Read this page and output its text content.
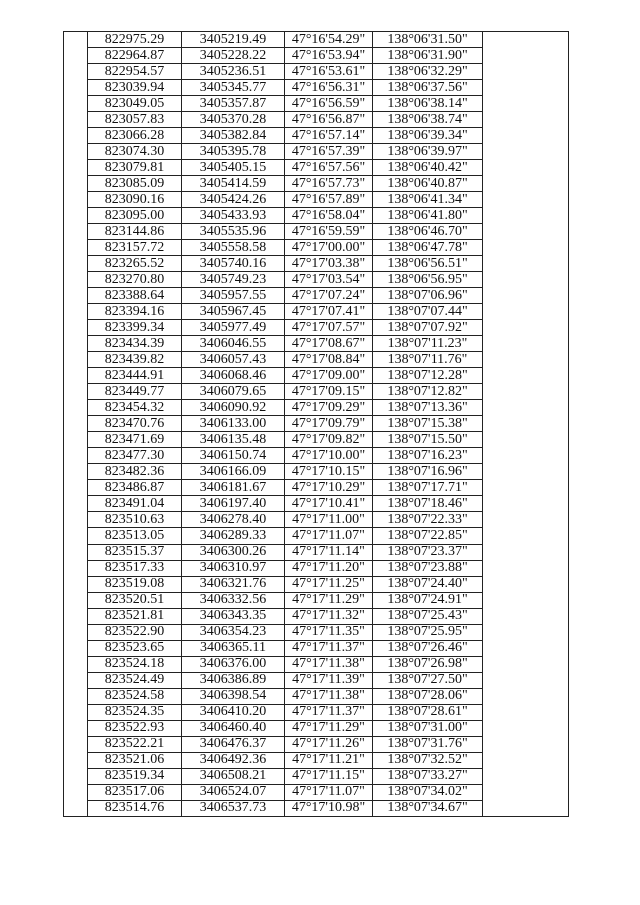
	822975.29	3405219.49	47°16'54.29"	138°06'31.50"	
	822964.87	3405228.22	47°16'53.94"	138°06'31.90"	
	822954.57	3405236.51	47°16'53.61"	138°06'32.29"	
	823039.94	3405345.77	47°16'56.31"	138°06'37.56"	
	823049.05	3405357.87	47°16'56.59"	138°06'38.14"	
	823057.83	3405370.28	47°16'56.87"	138°06'38.74"	
	823066.28	3405382.84	47°16'57.14"	138°06'39.34"	
	823074.30	3405395.78	47°16'57.39"	138°06'39.97"	
	823079.81	3405405.15	47°16'57.56"	138°06'40.42"	
	823085.09	3405414.59	47°16'57.73"	138°06'40.87"	
	823090.16	3405424.26	47°16'57.89"	138°06'41.34"	
	823095.00	3405433.93	47°16'58.04"	138°06'41.80"	
	823144.86	3405535.96	47°16'59.59"	138°06'46.70"	
	823157.72	3405558.58	47°17'00.00"	138°06'47.78"	
	823265.52	3405740.16	47°17'03.38"	138°06'56.51"	
	823270.80	3405749.23	47°17'03.54"	138°06'56.95"	
	823388.64	3405957.55	47°17'07.24"	138°07'06.96"	
	823394.16	3405967.45	47°17'07.41"	138°07'07.44"	
	823399.34	3405977.49	47°17'07.57"	138°07'07.92"	
	823434.39	3406046.55	47°17'08.67"	138°07'11.23"	
	823439.82	3406057.43	47°17'08.84"	138°07'11.76"	
	823444.91	3406068.46	47°17'09.00"	138°07'12.28"	
	823449.77	3406079.65	47°17'09.15"	138°07'12.82"	
	823454.32	3406090.92	47°17'09.29"	138°07'13.36"	
	823470.76	3406133.00	47°17'09.79"	138°07'15.38"	
	823471.69	3406135.48	47°17'09.82"	138°07'15.50"	
	823477.30	3406150.74	47°17'10.00"	138°07'16.23"	
	823482.36	3406166.09	47°17'10.15"	138°07'16.96"	
	823486.87	3406181.67	47°17'10.29"	138°07'17.71"	
	823491.04	3406197.40	47°17'10.41"	138°07'18.46"	
	823510.63	3406278.40	47°17'11.00"	138°07'22.33"	
	823513.05	3406289.33	47°17'11.07"	138°07'22.85"	
	823515.37	3406300.26	47°17'11.14"	138°07'23.37"	
	823517.33	3406310.97	47°17'11.20"	138°07'23.88"	
	823519.08	3406321.76	47°17'11.25"	138°07'24.40"	
	823520.51	3406332.56	47°17'11.29"	138°07'24.91"	
	823521.81	3406343.35	47°17'11.32"	138°07'25.43"	
	823522.90	3406354.23	47°17'11.35"	138°07'25.95"	
	823523.65	3406365.11	47°17'11.37"	138°07'26.46"	
	823524.18	3406376.00	47°17'11.38"	138°07'26.98"	
	823524.49	3406386.89	47°17'11.39"	138°07'27.50"	
	823524.58	3406398.54	47°17'11.38"	138°07'28.06"	
	823524.35	3406410.20	47°17'11.37"	138°07'28.61"	
	823522.93	3406460.40	47°17'11.29"	138°07'31.00"	
	823522.21	3406476.37	47°17'11.26"	138°07'31.76"	
	823521.06	3406492.36	47°17'11.21"	138°07'32.52"	
	823519.34	3406508.21	47°17'11.15"	138°07'33.27"	
	823517.06	3406524.07	47°17'11.07"	138°07'34.02"	
	823514.76	3406537.73	47°17'10.98"	138°07'34.67"	
